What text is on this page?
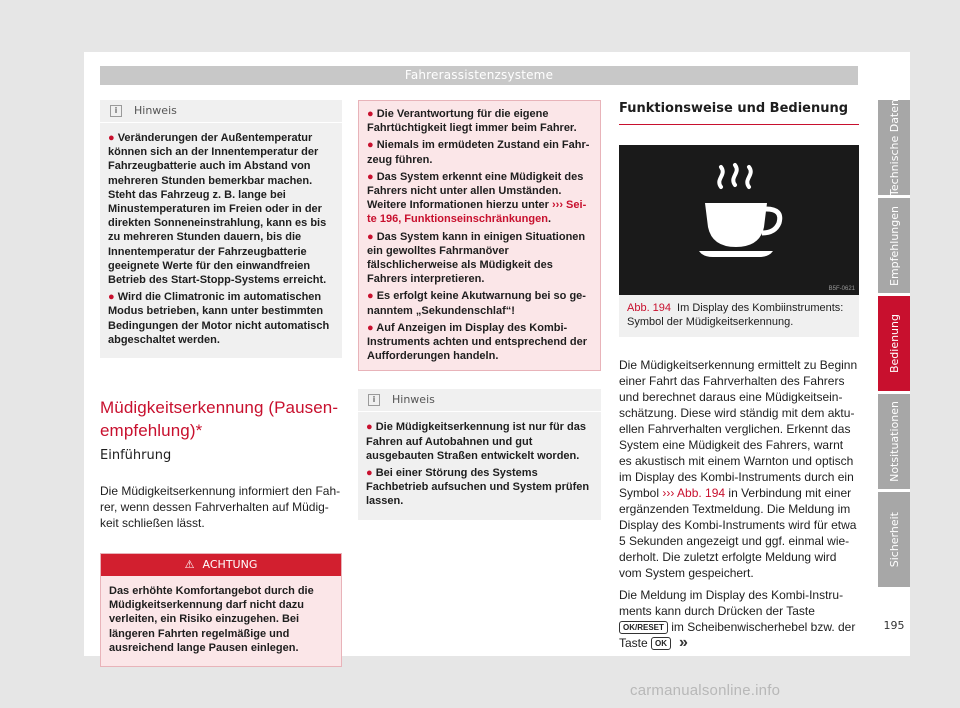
Fahrerassistenzsysteme
i	Hinweis
● Veränderungen der Außentemperatur können sich an der Innentemperatur der Fahrzeugbatterie auch im Abstand von mehreren Stunden bemerkbar machen. Steht das Fahrzeug z. B. lange bei Minustemperaturen im Freien oder in der direkten Sonneneinstrahlung, kann es bis zu mehreren Stunden dauern, bis die Innentemperatur der Fahrzeugbatterie geeignete Werte für den einwandfreien Betrieb des Start-Stopp-Systems erreicht.
● Wird die Climatronic im automatischen Modus betrieben, kann unter bestimmten Bedingungen der Motor nicht automatisch abgeschaltet werden.
Müdigkeitserkennung (Pausenempfehlung)*
Einführung

Die Müdigkeitserkennung informiert den Fahrer, wenn dessen Fahrverhalten auf Müdigkeit schließen lässt.

⚠ ACHTUNG
Das erhöhte Komfortangebot durch die Müdigkeitserkennung darf nicht dazu verleiten, ein Risiko einzugehen. Bei längeren Fahrten regelmäßige und ausreichend lange Pausen einlegen.
● Die Verantwortung für die eigene Fahrtüchtigkeit liegt immer beim Fahrer.
● Niemals im ermüdeten Zustand ein Fahrzeug führen.
● Das System erkennt eine Müdigkeit des Fahrers nicht unter allen Umständen. Weitere Informationen hierzu unter ››› Seite 196, Funktionseinschränkungen.
● Das System kann in einigen Situationen ein gewolltes Fahrmanöver fälschlicherweise als Müdigkeit des Fahrers interpretieren.
● Es erfolgt keine Akutwarnung bei so genanntem „Sekundenschlaf“!
● Auf Anzeigen im Display des Kombi-Instruments achten und entsprechend der Aufforderungen handeln.
i	Hinweis
● Die Müdigkeitserkennung ist nur für das Fahren auf Autobahnen und gut ausgebauten Straßen entwickelt worden.
● Bei einer Störung des Systems Fachbetrieb aufsuchen und System prüfen lassen.
Funktionsweise und Bedienung
B5F-0621
Abb. 194 Im Display des Kombiinstruments: Symbol der Müdigkeitserkennung.

Die Müdigkeitserkennung ermittelt zu Beginn einer Fahrt das Fahrverhalten des Fahrers und berechnet daraus eine Müdigkeitseinschätzung. Diese wird ständig mit dem aktuellen Fahrverhalten verglichen. Erkennt das System eine Müdigkeit des Fahrers, warnt es akustisch mit einem Warnton und optisch im Display des Kombi-Instruments durch ein Symbol ››› Abb. 194 in Verbindung mit einer ergänzenden Textmeldung. Die Meldung im Display des Kombi-Instruments wird für etwa 5 Sekunden angezeigt und ggf. einmal wiederholt. Die zuletzt erfolgte Meldung wird vom System gespeichert.

Die Meldung im Display des Kombi-Instruments kann durch Drücken der Taste OK/RESET im Scheibenwischerhebel bzw. der Taste OK »

Technische Daten
Empfehlungen
Bedienung
Notsituationen
Sicherheit
195
carmanualsonline.info
